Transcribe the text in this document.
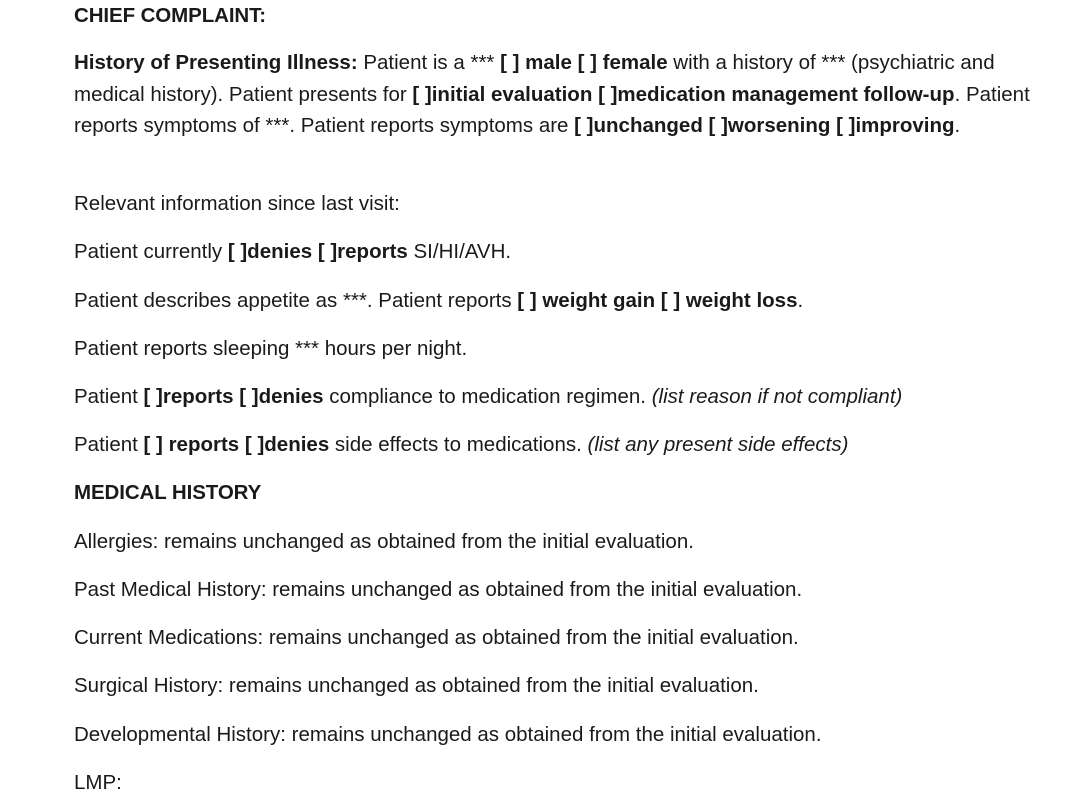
CHIEF COMPLAINT:

History of Presenting Illness: Patient is a *** [ ] male [ ] female with a history of *** (psychiatric and medical history). Patient presents for [ ]initial evaluation [ ]medication management follow-up. Patient reports symptoms of ***. Patient reports symptoms are [ ]unchanged [ ]worsening [ ]improving.

Relevant information since last visit:

Patient currently [ ]denies [ ]reports SI/HI/AVH.

Patient describes appetite as ***. Patient reports [ ] weight gain [ ] weight loss.

Patient reports sleeping *** hours per night.

Patient [ ]reports [ ]denies compliance to medication regimen. (list reason if not compliant)

Patient [ ] reports [ ]denies side effects to medications. (list any present side effects)

MEDICAL HISTORY

Allergies: remains unchanged as obtained from the initial evaluation.

Past Medical History: remains unchanged as obtained from the initial evaluation.

Current Medications: remains unchanged as obtained from the initial evaluation.

Surgical History: remains unchanged as obtained from the initial evaluation.

Developmental History: remains unchanged as obtained from the initial evaluation.

LMP:
